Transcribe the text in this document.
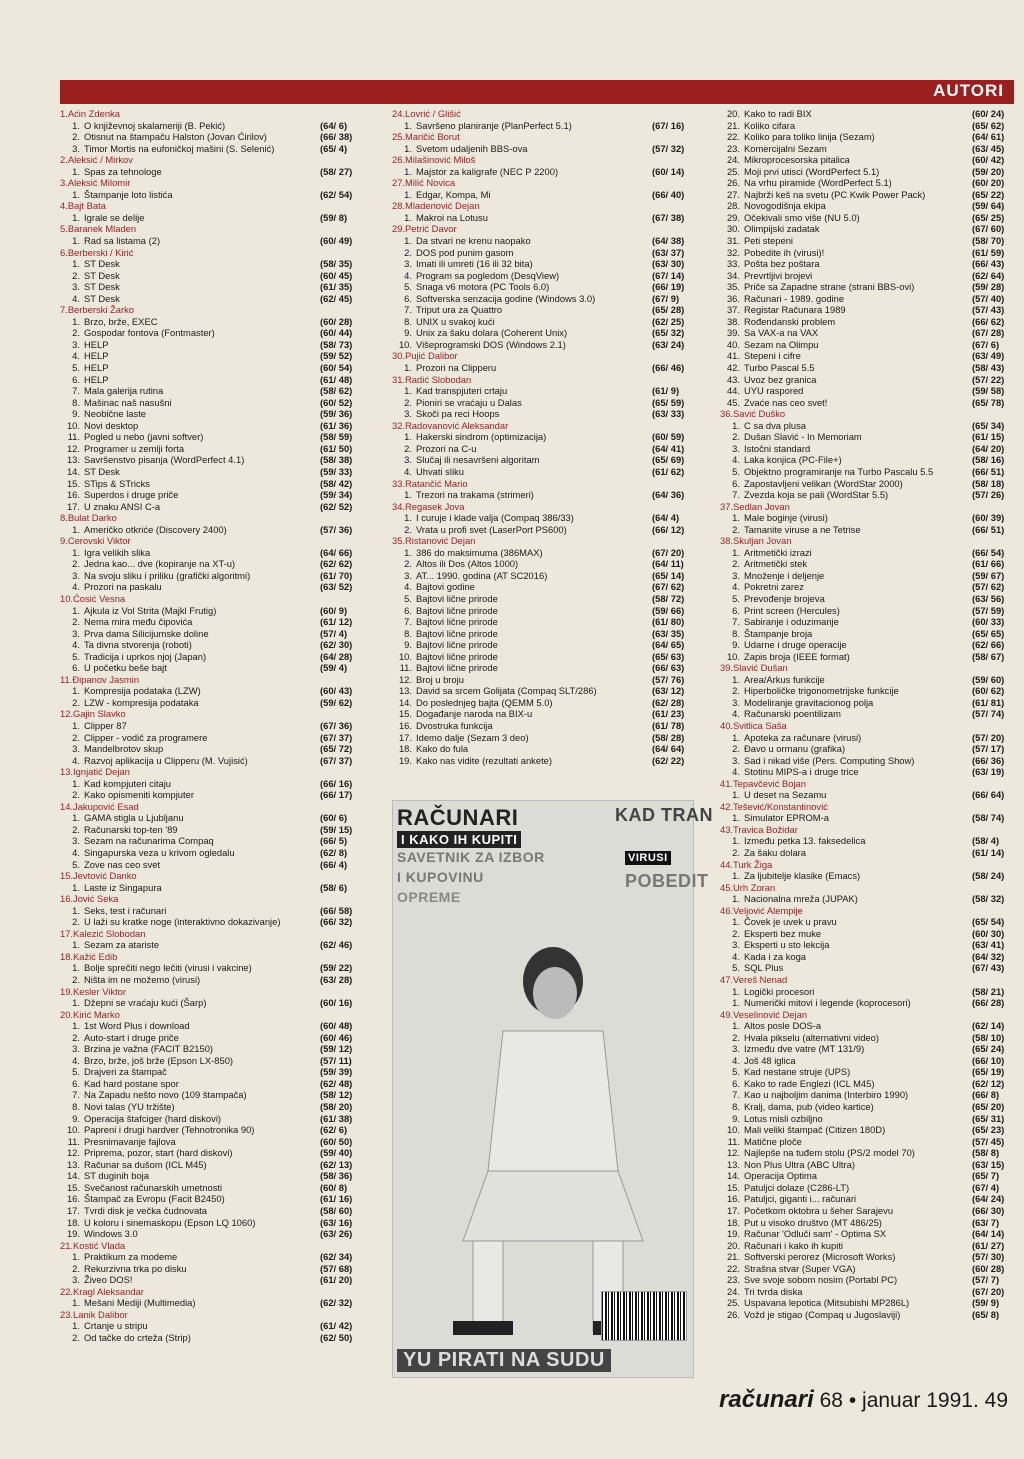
AUTORI
1.Aćin Zdenka
1. O književnoj skalameriji (B. Pekić)	(64/ 6)
2. Otisnut na štampaču Halston (Jovan Ćirilov)	(66/ 38)
3. Timor Mortis na eufoničkoj mašini (S. Selenić)	(65/ 4)
2.Aleksić / Mirkov
1. Spas za tehnologe	(58/ 27)
3.Aleksić Milomir
1. Štampanje loto listića	(62/ 54)
4.Bajt Bata
1. Igrale se delije	(59/ 8)
5.Baranek Mladen
1. Rad sa listama (2)	(60/ 49)
6.Berberski / Kirić
1. ST Desk	(58/ 35)
2. ST Desk	(60/ 45)
3. ST Desk	(61/ 35)
4. ST Desk	(62/ 45)
7.Berberski Žarko
1. Brzo, brže, EXEC	(60/ 28)
2. Gospodar fontova (Fontmaster)	(60/ 44)
3. HELP	(58/ 73)
4. HELP	(59/ 52)
5. HELP	(60/ 54)
6. HELP	(61/ 48)
7. Mala galerija rutina	(58/ 62)
8. Mašinac naš nasušni	(60/ 52)
9. Neobične laste	(59/ 36)
10. Novi desktop	(61/ 36)
11. Pogled u nebo (javni softver)	(58/ 59)
12. Programer u zemlji forta	(61/ 50)
13. Savršenstvo pisanja (WordPerfect 4.1)	(58/ 38)
14. ST Desk	(59/ 33)
15. STips & STricks	(58/ 42)
16. Superdos i druge priče	(59/ 34)
17. U znaku ANSI C-a	(62/ 52)
8.Bulat Darko
1. Američko otkriće (Discovery 2400)	(57/ 36)
9.Cerovski Viktor
1. Igra velikih slika	(64/ 66)
2. Jedna kao... dve (kopiranje na XT-u)	(62/ 62)
3. Na svoju sliku i priliku (grafički algoritmi)	(61/ 70)
4. Prozori na paskalu	(63/ 52)
10.Ćosić Vesna
1. Ajkula iz Vol Strita (Majkl Frutig)	(60/ 9)
2. Nema mira među čipovića	(61/ 12)
3. Prva dama Silicijumske doline	(57/ 4)
4. Ta divna stvorenja (roboti)	(62/ 30)
5. Tradicija i uprkos njoj (Japan)	(64/ 28)
6. U početku beše bajt	(59/ 4)
11.Đipanov Jasmin
1. Kompresija podataka (LZW)	(60/ 43)
2. LZW - kompresija podataka	(59/ 62)
12.Gajin Slavko
1. Clipper 87	(67/ 36)
2. Clipper - vodič za programere	(67/ 37)
3. Mandelbrotov skup	(65/ 72)
4. Razvoj aplikacija u Clipperu (M. Vujisić)	(67/ 37)
13.Ignjatić Dejan
1. Kad kompjuteri citaju	(66/ 16)
2. Kako opismeniti kompjuter	(66/ 17)
14.Jakupović Esad
1. GAMA stigla u Ljubljanu	(60/ 6)
2. Računarski top-ten '89	(59/ 15)
3. Sezam na računarima Compaq	(66/ 5)
4. Singapurska veza u krivom ogledalu	(62/ 8)
5. Zove nas ceo svet	(66/ 4)
15.Jevtović Danko
1. Laste iz Singapura	(58/ 6)
16.Jović Seka
1. Seks, test i računari	(66/ 58)
2. U laži su kratke noge (interaktivno dokazivanje)	(66/ 32)
17.Kalezić Slobodan
1. Sezam za atariste	(62/ 46)
18.Kažić Edib
1. Bolje sprečiti nego lečiti (virusi i vakcine)	(59/ 22)
2. Ništa im ne možemo (virusi)	(63/ 28)
19.Kesler Viktor
1. Džepni se vraćaju kući (Šarp)	(60/ 16)
20.Kirić Marko
1. 1st Word Plus i download	(60/ 48)
2. Auto-start i druge priče	(60/ 46)
3. Brzina je važna (FACIT B2150)	(59/ 12)
4. Brzo, brže, još brže (Epson LX-850)	(57/ 11)
5. Drajveri za štampač	(59/ 39)
6. Kad hard postane spor	(62/ 48)
7. Na Zapadu nešto novo (109 štampača)	(58/ 12)
8. Novi talas (YU tržište)	(58/ 20)
9. Operacija štafciger (hard diskovi)	(61/ 38)
10. Papreni i drugi hardver (Tehnotronika 90)	(62/ 6)
11. Presnimavanje fajlova	(60/ 50)
12. Priprema, pozor, start (hard diskovi)	(59/ 40)
13. Računar sa dušom (ICL M45)	(62/ 13)
14. ST duginih boja	(58/ 36)
15. Svečanost računarskih umetnosti	(60/ 8)
16. Štampač za Evropu (Facit B2450)	(61/ 16)
17. Tvrdi disk je večka čudnovata	(58/ 60)
18. U koloru i sinemaskopu (Epson LQ 1060)	(63/ 16)
19. Windows 3.0	(63/ 26)
21.Kostić Vlada
1. Praktikum za modeme	(62/ 34)
2. Rekurzivna trka po disku	(57/ 68)
3. Živeo DOS!	(61/ 20)
22.Kragl Aleksandar
1. Mešani Mediji (Multimedia)	(62/ 32)
23.Lanik Dalibor
1. Crtanje u stripu	(61/ 42)
2. Od tačke do crteža (Strip)	(62/ 50)
24.Lovrić / Glišić
1. Savršeno planiranje (PlanPerfect 5.1)	(67/ 16)
25.Maričić Borut
1. Svetom udaljenih BBS-ova	(57/ 32)
26.Milašinović Miloš
1. Majstor za kaligrafe (NEC P 2200)	(60/ 14)
27.Milić Novica
1. Edgar, Kompa, Mi	(66/ 40)
28.Mladenović Dejan
1. Makroi na Lotusu	(67/ 38)
29.Petrić Davor
1. Da stvari ne krenu naopako	(64/ 38)
2. DOS pod punim gasom	(63/ 37)
3. Imati ili umreti (16 ili 32 bita)	(63/ 30)
4. Program sa pogledom (DesqView)	(67/ 14)
5. Snaga v6 motora (PC Tools 6.0)	(66/ 19)
6. Softverska senzacija godine (Windows 3.0)	(67/ 9)
7. Triput ura za Quattro	(65/ 28)
8. UNIX u svakoj kući	(62/ 25)
9. Unix za šaku dolara (Coherent Unix)	(65/ 32)
10. Višeprogramski DOS (Windows 2.1)	(63/ 24)
30.Pujić Dalibor
1. Prozori na Clipperu	(66/ 46)
31.Radić Slobodan
1. Kad transpjuteri crtaju	(61/ 9)
2. Pioniri se vraćaju u Dalas	(65/ 59)
3. Skoči pa reci Hoops	(63/ 33)
32.Radovanović Aleksandar
1. Hakerski sindrom (optimizacija)	(60/ 59)
2. Prozori na C-u	(64/ 41)
3. Slučaj ili nesavršeni algoritam	(65/ 69)
4. Uhvati sliku	(61/ 62)
33.Ratančić Mario
1. Trezori na trakama (strimeri)	(64/ 36)
34.Regasek Jova
1. I curuje i klade valja (Compaq 386/33)	(64/ 4)
2. Vrata u profi svet (LaserPort PS600)	(66/ 12)
35.Ristanović Dejan
1. 386 do maksimuma (386MAX)	(67/ 20)
2. Altos ili Dos (Altos 1000)	(64/ 11)
3. AT... 1990. godina (AT SC2016)	(65/ 14)
4. Bajtovi godine	(67/ 62)
5. Bajtovi lične prirode	(58/ 72)
6. Bajtovi lične prirode	(59/ 66)
7. Bajtovi lične prirode	(61/ 80)
8. Bajtovi lične prirode	(63/ 35)
9. Bajtovi lične prirode	(64/ 65)
10. Bajtovi lične prirode	(65/ 63)
11. Bajtovi lične prirode	(66/ 63)
12. Broj u broju	(57/ 76)
13. David sa srcem Golijata (Compaq SLT/286)	(63/ 12)
14. Do poslednjeg bajta (QEMM 5.0)	(62/ 28)
15. Događanje naroda na BIX-u	(61/ 23)
16. Dvostruka funkcija	(61/ 78)
17. Idemo dalje (Sezam 3 deo)	(58/ 28)
18. Kako do fula	(64/ 64)
19. Kako nas vidite (rezultati ankete)	(62/ 22)
20. Kako to radi BIX	(60/ 24)
21. Koliko cifara	(65/ 62)
22. Koliko para toliko linija (Sezam)	(64/ 61)
23. Komercijalni Sezam	(63/ 45)
24. Mikroprocesorska pitalica	(60/ 42)
25. Moji prvi utisci (WordPerfect 5.1)	(59/ 20)
26. Na vrhu piramide (WordPerfect 5.1)	(60/ 20)
27. Najbrži keš na svetu (PC Kwik Power Pack)	(65/ 22)
28. Novogodišnja ekipa	(59/ 64)
29. Očekivali smo više (NU 5.0)	(65/ 25)
30. Olimpijski zadatak	(67/ 60)
31. Peti stepeni	(58/ 70)
32. Pobedite ih (virusi)!	(61/ 59)
33. Pošta bez poštara	(66/ 43)
34. Prevrtljivi brojevi	(62/ 64)
35. Priče sa Zapadne strane (strani BBS-ovi)	(59/ 28)
36. Računari - 1989. godine	(57/ 40)
37. Registar Računara 1989	(57/ 43)
38. Rođendanski problem	(66/ 62)
39. Sa VAX-a na VAX	(67/ 28)
40. Sezam na Olimpu	(67/ 6)
41. Stepeni i cifre	(63/ 49)
42. Turbo Pascal 5.5	(58/ 43)
43. Uvoz bez granica	(57/ 22)
44. UYU raspored	(59/ 58)
45. Zvaće nas ceo svet!	(65/ 78)
36.Savić Duško
1. C sa dva plusa	(65/ 34)
2. Dušan Slavić - In Memoriam	(61/ 15)
3. Istočni standard	(64/ 20)
4. Laka konjica (PC-File+)	(58/ 16)
5. Objektno programiranje na Turbo Pascalu 5.5	(66/ 51)
6. Zapostavljeni velikan (WordStar 2000)	(58/ 18)
7. Zvezda koja se pali (WordStar 5.5)	(57/ 26)
37.Sedlan Jovan
1. Male boginje (virusi)	(60/ 39)
2. Tamanite viruse a ne Tetrise	(66/ 51)
38.Skuljan Jovan
1. Aritmetički izrazi	(66/ 54)
2. Aritmetički stek	(61/ 66)
3. Množenje i deljenje	(59/ 67)
4. Pokretni zarez	(57/ 62)
5. Prevođenje brojeva	(63/ 56)
6. Print screen (Hercules)	(57/ 59)
7. Sabiranje i oduzimanje	(60/ 33)
8. Štampanje broja	(65/ 65)
9. Udarne i druge operacije	(62/ 66)
10. Zapis broja (IEEE format)	(58/ 67)
39.Slavić Dušan
1. Area/Arkus funkcije	(59/ 60)
2. Hiperboličke trigonometrijske funkcije	(60/ 62)
3. Modeliranje gravitacionog polja	(61/ 81)
4. Računarski poentilizam	(57/ 74)
40.Svitlica Saša
1. Apoteka za računare (virusi)	(57/ 20)
2. Đavo u ormanu (grafika)	(57/ 17)
3. Sad i nikad više (Pers. Computing Show)	(66/ 36)
4. Stotinu MIPS-a i druge trice	(63/ 19)
41.Tepavčević Bojan
1. U deset na Sezamu	(66/ 64)
42.Tešević/Konstantinović
1. Simulator EPROM-a	(58/ 74)
43.Travica Božidar
1. Između petka 13. faksedelica	(58/ 4)
2. Za šaku dolara	(61/ 14)
44.Turk Žiga
1. Za ljubitelje klasike (Emacs)	(58/ 24)
45.Urh Zoran
1. Nacionalna mreža (JUPAK)	(58/ 32)
46.Veljović Alempije
1. Čovek je uvek u pravu	(65/ 54)
2. Eksperti bez muke	(60/ 30)
3. Eksperti u sto lekcija	(63/ 41)
4. Kada i za koga	(64/ 32)
5. SQL Plus	(67/ 43)
47.Vereš Nenad
1. Logički procesori	(58/ 21)
1. Numerički mitovi i legende (koprocesori)	(66/ 28)
49.Veselinović Dejan
1. Altos posle DOS-a	(62/ 14)
2. Hvala pikselu (alternativni video)	(58/ 10)
3. Između dve vatre (MT 131/9)	(65/ 24)
4. Još 48 iglica	(66/ 10)
5. Kad nestane struje (UPS)	(65/ 19)
6. Kako to rade Englezi (ICL M45)	(62/ 12)
7. Kao u najboljim danima (Interbiro 1990)	(66/ 8)
8. Kralj, dama, pub (video kartice)	(65/ 20)
9. Lotus misli ozbiljno	(65/ 31)
10. Mali veliki štampač (Citizen 180D)	(65/ 23)
11. Matične ploče	(57/ 45)
12. Najlepše na tuđem stolu (PS/2 model 70)	(58/ 8)
13. Non Plus Ultra (ABC Ultra)	(63/ 15)
14. Operacija Optima	(65/ 7)
15. Patuljci dolaze (C286-LT)	(67/ 4)
16. Patuljci, giganti i... računari	(64/ 24)
17. Početkom oktobra u šeher Sarajevu	(66/ 30)
18. Put u visoko društvo (MT 486/25)	(63/ 7)
19. Računar 'Odluči sam' - Optima SX	(64/ 14)
20. Računari i kako ih kupiti	(61/ 27)
21. Softverski perorez (Microsoft Works)	(57/ 30)
22. Strašna stvar (Super VGA)	(60/ 28)
23. Sve svoje sobom nosim (Portabl PC)	(57/ 7)
24. Tri tvrda diska	(67/ 20)
25. Uspavana lepotica (Mitsubishi MP286L)	(59/ 9)
26. Vožd je stigao (Compaq u Jugoslaviji)	(65/ 8)
RAČUNARI
I KAKO IH KUPITI
SAVETNIK ZA IZBOR
I KUPOVINU
OPREME
KAD TRAN
VIRUSI
POBEDIT
YU PIRATI NA SUDU
računari 68 • januar 1991. 49
